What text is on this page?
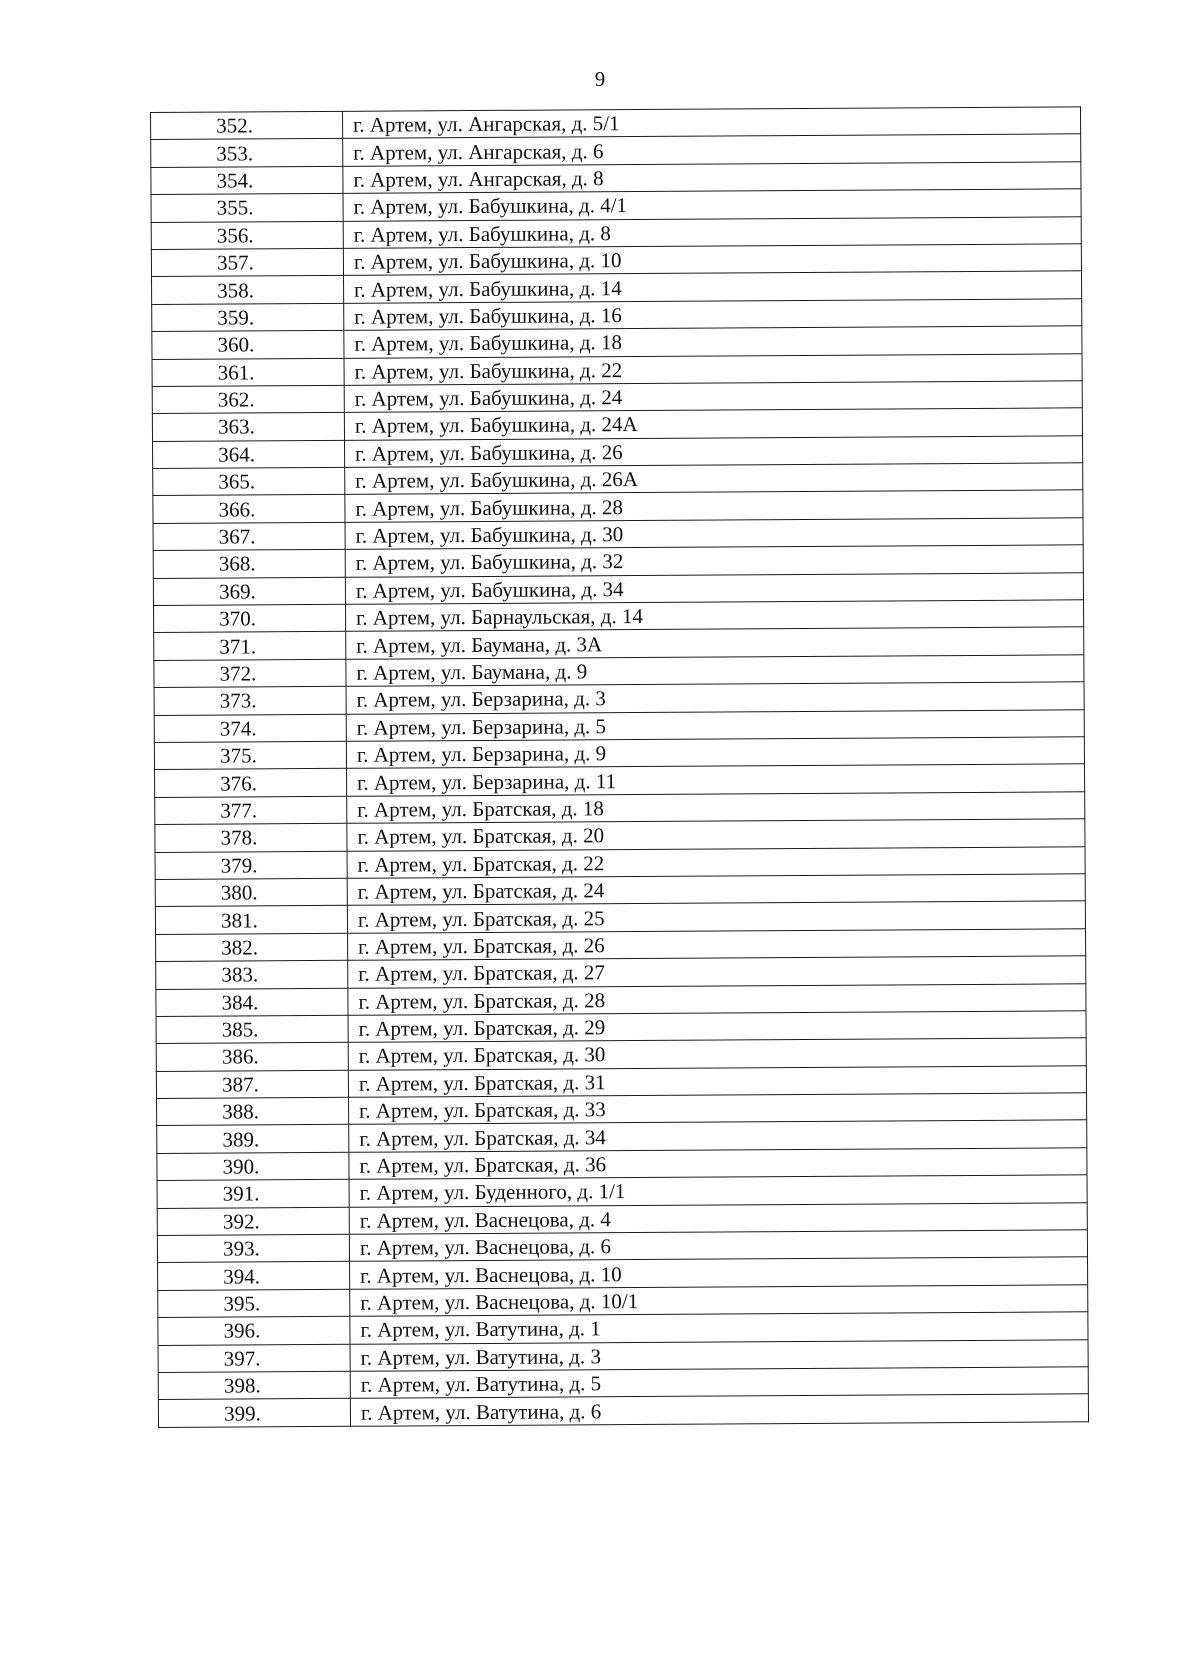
9
352.	г. Артем, ул. Ангарская, д. 5/1
353.	г. Артем, ул. Ангарская, д. 6
354.	г. Артем, ул. Ангарская, д. 8
355.	г. Артем, ул. Бабушкина, д. 4/1
356.	г. Артем, ул. Бабушкина, д. 8
357.	г. Артем, ул. Бабушкина, д. 10
358.	г. Артем, ул. Бабушкина, д. 14
359.	г. Артем, ул. Бабушкина, д. 16
360.	г. Артем, ул. Бабушкина, д. 18
361.	г. Артем, ул. Бабушкина, д. 22
362.	г. Артем, ул. Бабушкина, д. 24
363.	г. Артем, ул. Бабушкина, д. 24А
364.	г. Артем, ул. Бабушкина, д. 26
365.	г. Артем, ул. Бабушкина, д. 26А
366.	г. Артем, ул. Бабушкина, д. 28
367.	г. Артем, ул. Бабушкина, д. 30
368.	г. Артем, ул. Бабушкина, д. 32
369.	г. Артем, ул. Бабушкина, д. 34
370.	г. Артем, ул. Барнаульская, д. 14
371.	г. Артем, ул. Баумана, д. 3А
372.	г. Артем, ул. Баумана, д. 9
373.	г. Артем, ул. Берзарина, д. 3
374.	г. Артем, ул. Берзарина, д. 5
375.	г. Артем, ул. Берзарина, д. 9
376.	г. Артем, ул. Берзарина, д. 11
377.	г. Артем, ул. Братская, д. 18
378.	г. Артем, ул. Братская, д. 20
379.	г. Артем, ул. Братская, д. 22
380.	г. Артем, ул. Братская, д. 24
381.	г. Артем, ул. Братская, д. 25
382.	г. Артем, ул. Братская, д. 26
383.	г. Артем, ул. Братская, д. 27
384.	г. Артем, ул. Братская, д. 28
385.	г. Артем, ул. Братская, д. 29
386.	г. Артем, ул. Братская, д. 30
387.	г. Артем, ул. Братская, д. 31
388.	г. Артем, ул. Братская, д. 33
389.	г. Артем, ул. Братская, д. 34
390.	г. Артем, ул. Братская, д. 36
391.	г. Артем, ул. Буденного, д. 1/1
392.	г. Артем, ул. Васнецова, д. 4
393.	г. Артем, ул. Васнецова, д. 6
394.	г. Артем, ул. Васнецова, д. 10
395.	г. Артем, ул. Васнецова, д. 10/1
396.	г. Артем, ул. Ватутина, д. 1
397.	г. Артем, ул. Ватутина, д. 3
398.	г. Артем, ул. Ватутина, д. 5
399.	г. Артем, ул. Ватутина, д. 6
